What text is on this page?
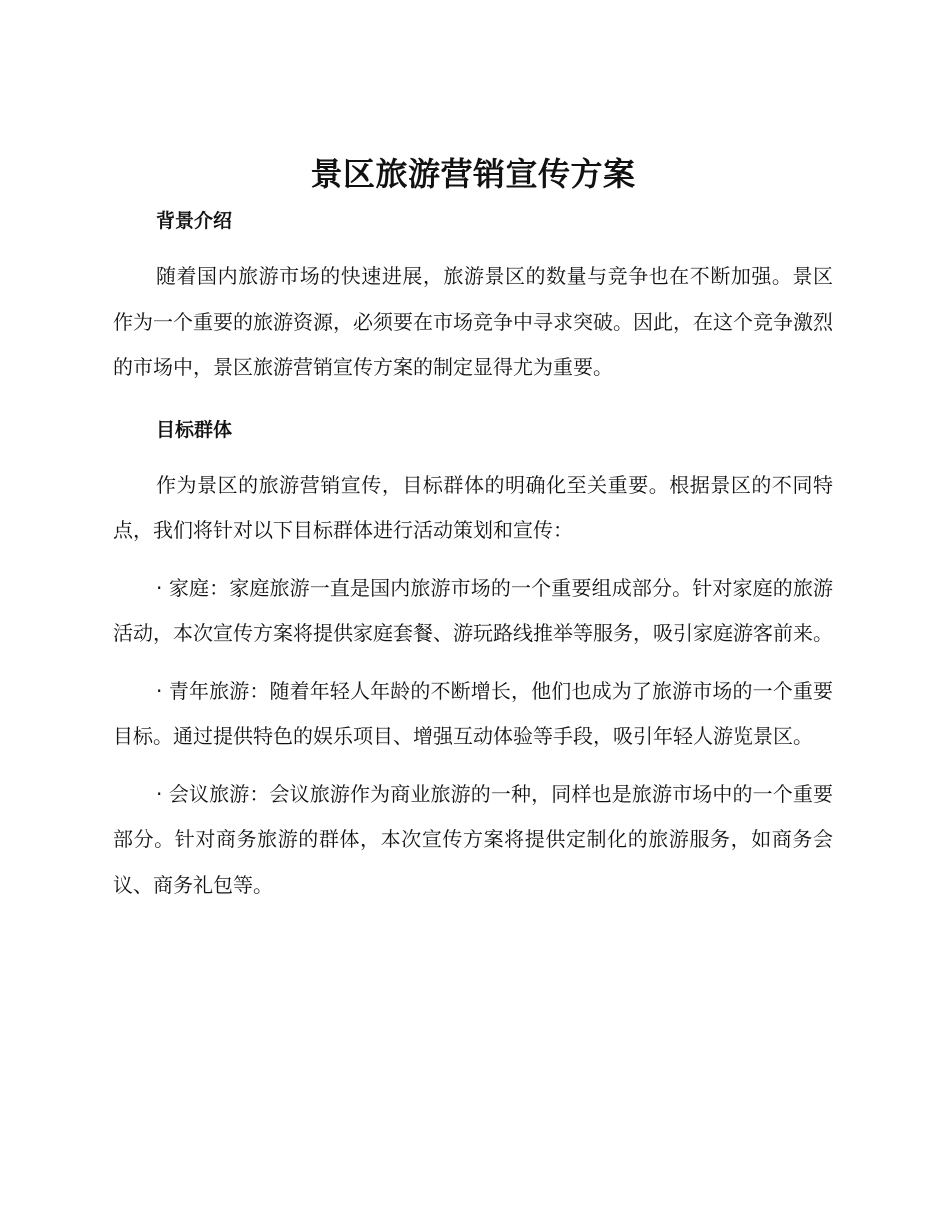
景区旅游营销宣传方案
背景介绍

随着国内旅游市场的快速进展，旅游景区的数量与竞争也在不断加强。景区作为一个重要的旅游资源，必须要在市场竞争中寻求突破。因此，在这个竞争激烈的市场中，景区旅游营销宣传方案的制定显得尤为重要。

目标群体

作为景区的旅游营销宣传，目标群体的明确化至关重要。根据景区的不同特点，我们将针对以下目标群体进行活动策划和宣传：

· 家庭：家庭旅游一直是国内旅游市场的一个重要组成部分。针对家庭的旅游活动，本次宣传方案将提供家庭套餐、游玩路线推举等服务，吸引家庭游客前来。

· 青年旅游：随着年轻人年龄的不断增长，他们也成为了旅游市场的一个重要目标。通过提供特色的娱乐项目、增强互动体验等手段，吸引年轻人游览景区。

· 会议旅游：会议旅游作为商业旅游的一种，同样也是旅游市场中的一个重要部分。针对商务旅游的群体，本次宣传方案将提供定制化的旅游服务，如商务会议、商务礼包等。
